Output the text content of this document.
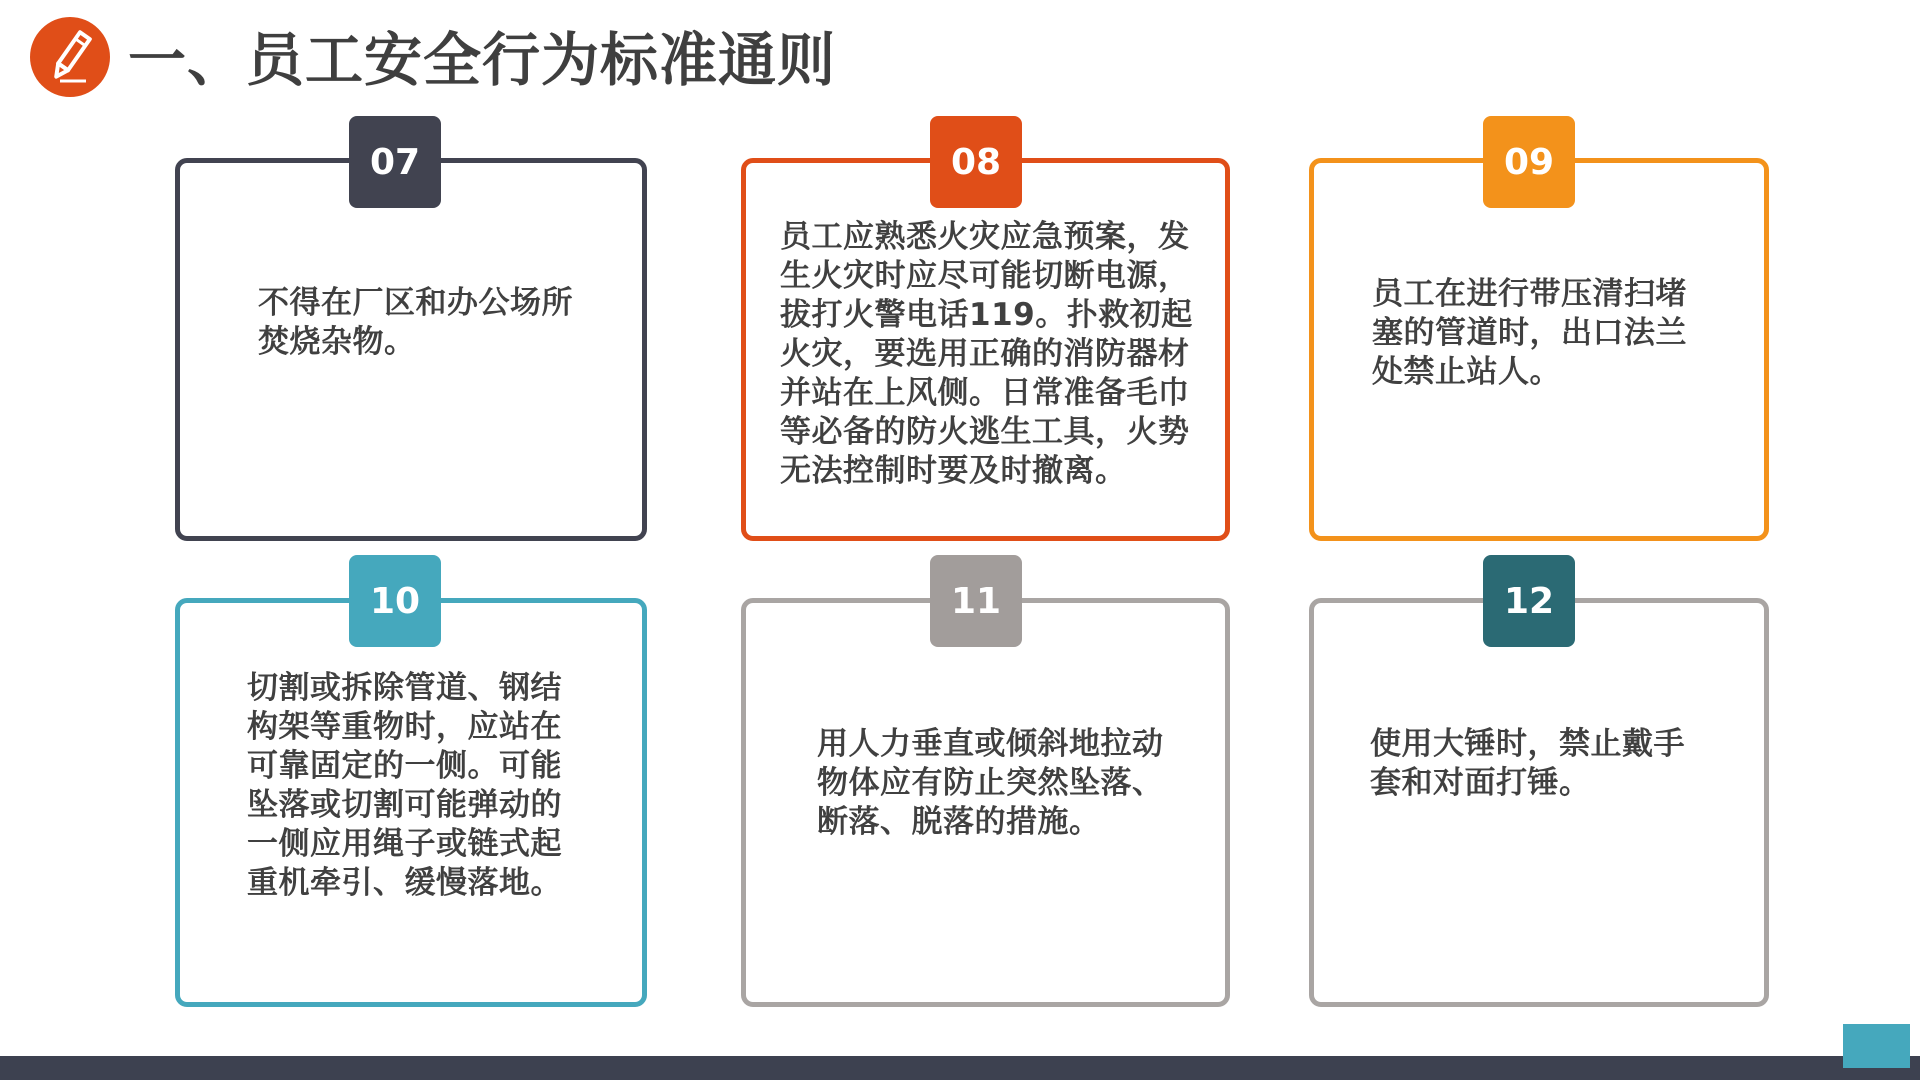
一、员工安全行为标准通则
07

不得在厂区和办公场所焚烧杂物。

08

员工应熟悉火灾应急预案，发生火灾时应尽可能切断电源，拔打火警电话119。扑救初起火灾，要选用正确的消防器材并站在上风侧。日常准备毛巾等必备的防火逃生工具，火势无法控制时要及时撤离。

09

员工在进行带压清扫堵塞的管道时，出口法兰处禁止站人。

10

切割或拆除管道、钢结构架等重物时，应站在可靠固定的一侧。可能坠落或切割可能弹动的一侧应用绳子或链式起重机牵引、缓慢落地。

11

用人力垂直或倾斜地拉动物体应有防止突然坠落、断落、脱落的措施。

12

使用大锤时，禁止戴手套和对面打锤。
